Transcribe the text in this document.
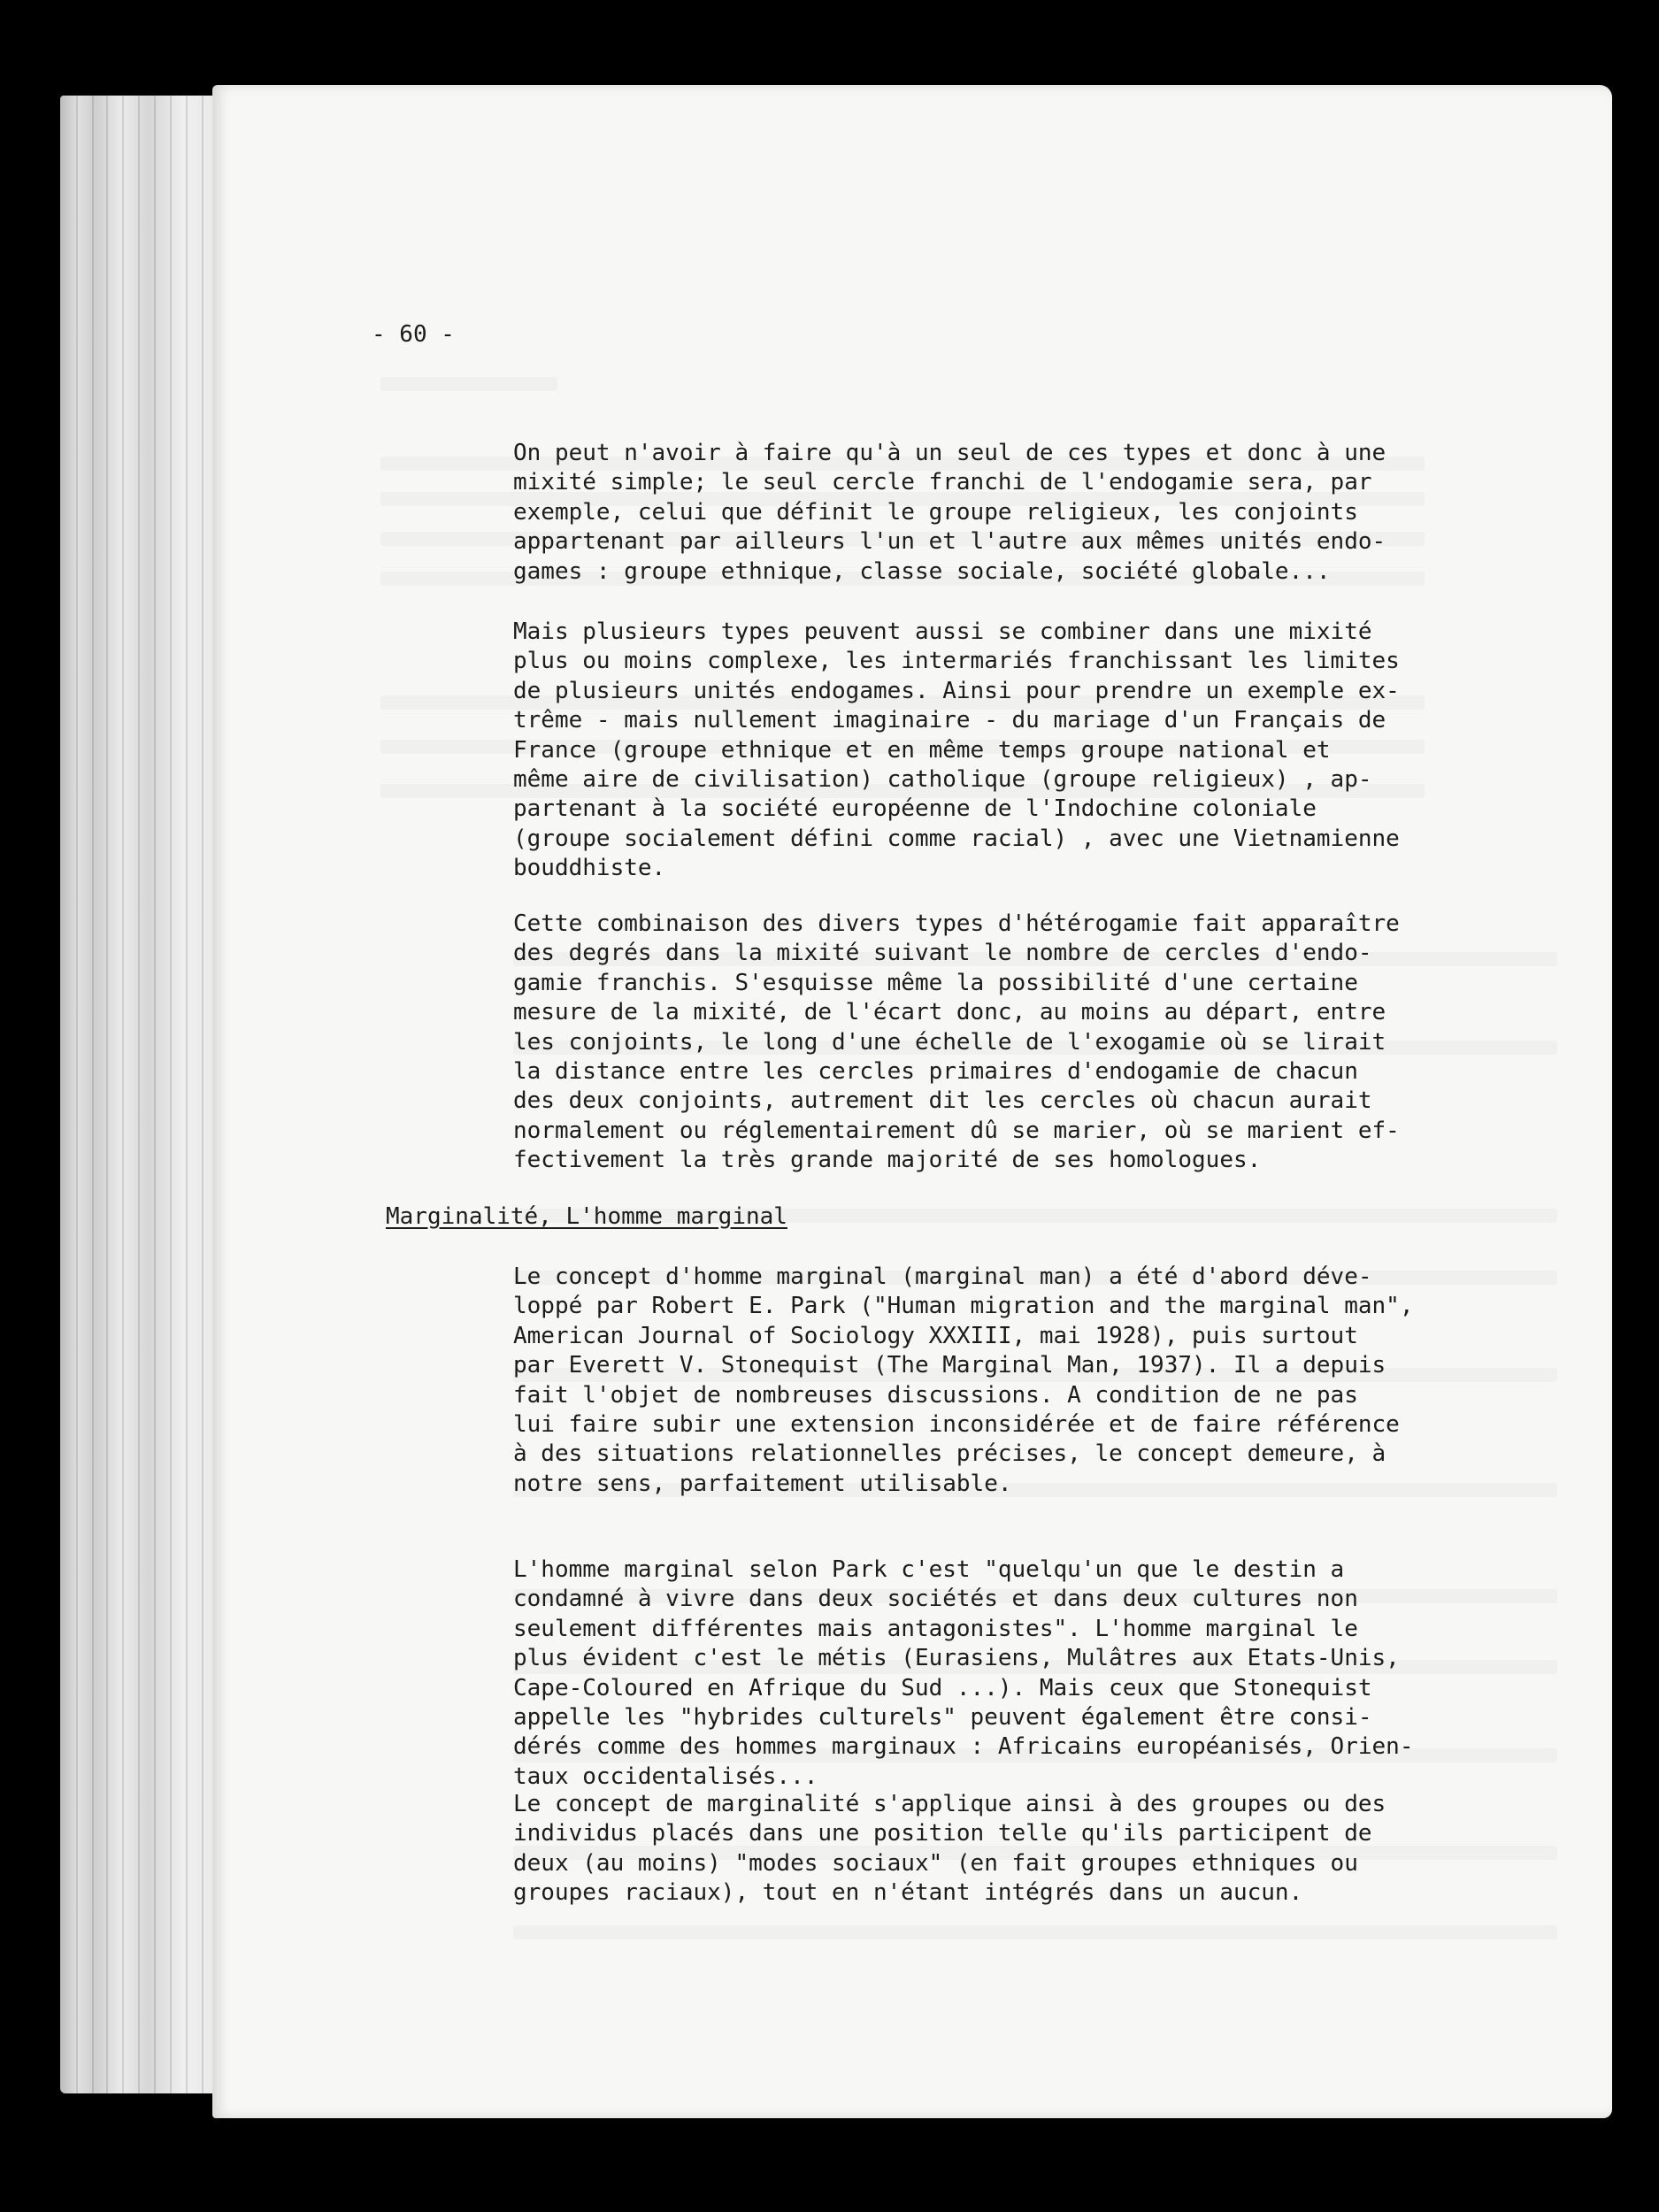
- 60 -
On peut n'avoir à faire qu'à un seul de ces types et donc à une
mixité simple; le seul cercle franchi de l'endogamie sera, par
exemple, celui que définit le groupe religieux, les conjoints
appartenant par ailleurs l'un et l'autre aux mêmes unités endo-
games : groupe ethnique, classe sociale, société globale...
Mais plusieurs types peuvent aussi se combiner dans une mixité
plus ou moins complexe, les intermariés franchissant les limites
de plusieurs unités endogames. Ainsi pour prendre un exemple ex-
trême - mais nullement imaginaire - du mariage d'un Français de
France (groupe ethnique et en même temps groupe national et
même aire de civilisation) catholique (groupe religieux) , ap-
partenant à la société européenne de l'Indochine coloniale
(groupe socialement défini comme racial) , avec une Vietnamienne
bouddhiste.
Cette combinaison des divers types d'hétérogamie fait apparaître
des degrés dans la mixité suivant le nombre de cercles d'endo-
gamie franchis. S'esquisse même la possibilité d'une certaine
mesure de la mixité, de l'écart donc, au moins au départ, entre
les conjoints, le long d'une échelle de l'exogamie où se lirait
la distance entre les cercles primaires d'endogamie de chacun
des deux conjoints, autrement dit les cercles où chacun aurait
normalement ou réglementairement dû se marier, où se marient ef-
fectivement la très grande majorité de ses homologues.
Marginalité, L'homme marginal
Le concept d'homme marginal (marginal man) a été d'abord déve-
loppé par Robert E. Park ("Human migration and the marginal man",
American Journal of Sociology XXXIII, mai 1928), puis surtout
par Everett V. Stonequist (The Marginal Man, 1937). Il a depuis
fait l'objet de nombreuses discussions. A condition de ne pas
lui faire subir une extension inconsidérée et de faire référence
à des situations relationnelles précises, le concept demeure, à
notre sens, parfaitement utilisable.
L'homme marginal selon Park c'est "quelqu'un que le destin a
condamné à vivre dans deux sociétés et dans deux cultures non
seulement différentes mais antagonistes". L'homme marginal le
plus évident c'est le métis (Eurasiens, Mulâtres aux Etats-Unis,
Cape-Coloured en Afrique du Sud ...). Mais ceux que Stonequist
appelle les "hybrides culturels" peuvent également être consi-
dérés comme des hommes marginaux : Africains européanisés, Orien-
taux occidentalisés...
Le concept de marginalité s'applique ainsi à des groupes ou des
individus placés dans une position telle qu'ils participent de
deux (au moins) "modes sociaux" (en fait groupes ethniques ou
groupes raciaux), tout en n'étant intégrés dans un aucun.
